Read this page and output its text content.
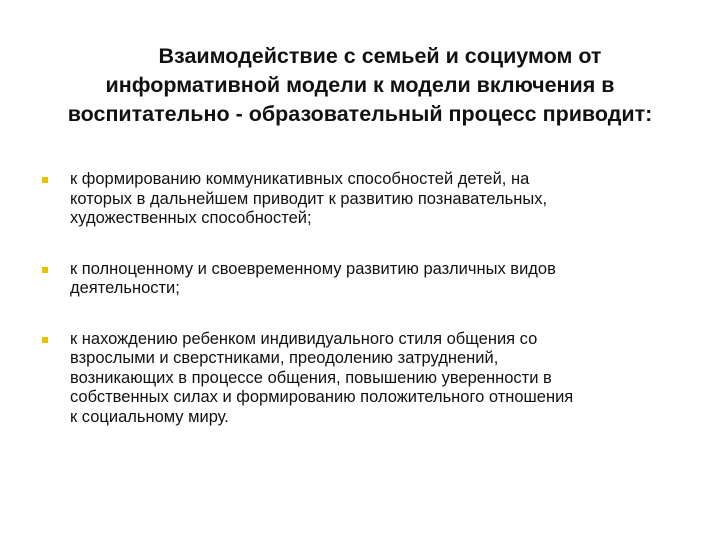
Взаимодействие с семьей и социумом от
информативной модели к модели включения в
воспитательно - образовательный процесс приводит:
к формированию коммуникативных способностей детей, на
которых в дальнейшем приводит к развитию познавательных,
художественных способностей;
к полноценному и своевременному развитию различных видов
деятельности;
к нахождению ребенком индивидуального стиля общения со
взрослыми и сверстниками, преодолению затруднений,
возникающих в процессе общения, повышению уверенности в
собственных силах и формированию положительного отношения
к социальному миру.
